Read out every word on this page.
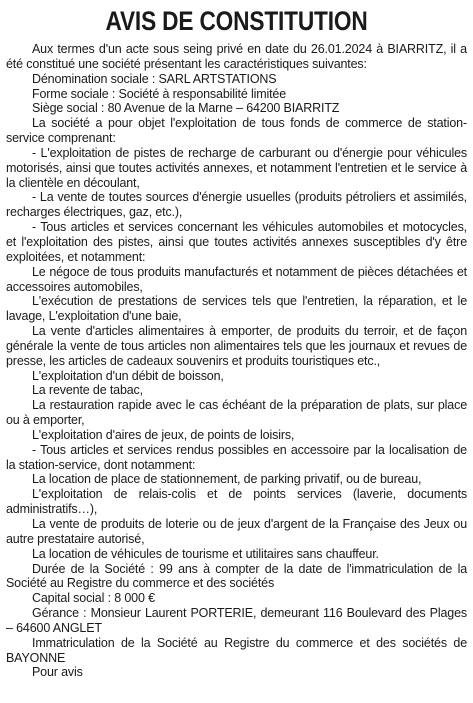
AVIS DE CONSTITUTION

Aux termes d'un acte sous seing privé en date du 26.01.2024 à BIARRITZ, il a été constitué une société présentant les caractéristiques suivantes:

Dénomination sociale : SARL ARTSTATIONS

Forme sociale : Société à responsabilité limitée

Siège social : 80 Avenue de la Marne – 64200 BIARRITZ

La société a pour objet l'exploitation de tous fonds de commerce de station-service comprenant:

- L'exploitation de pistes de recharge de carburant ou d'énergie pour véhicules motorisés, ainsi que toutes activités annexes, et notamment l'entretien et le service à la clientèle en découlant,

- La vente de toutes sources d'énergie usuelles (produits pétroliers et assimilés, recharges électriques, gaz, etc.),

- Tous articles et services concernant les véhicules automobiles et motocycles, et l'exploitation des pistes, ainsi que toutes activités annexes susceptibles d'y être exploitées, et notamment:

Le négoce de tous produits manufacturés et notamment de pièces détachées et accessoires automobiles,

L'exécution de prestations de services tels que l'entretien, la réparation, et le lavage, L'exploitation d'une baie,

La vente d'articles alimentaires à emporter, de produits du terroir, et de façon générale la vente de tous articles non alimentaires tels que les journaux et revues de presse, les articles de cadeaux souvenirs et produits touristiques etc.,

L'exploitation d'un débit de boisson,

La revente de tabac,

La restauration rapide avec le cas échéant de la préparation de plats, sur place ou à emporter,

L'exploitation d'aires de jeux, de points de loisirs,

- Tous articles et services rendus possibles en accessoire par la localisation de la station-service, dont notamment:

La location de place de stationnement, de parking privatif, ou de bureau,

L'exploitation de relais-colis et de points services (laverie, documents administratifs…),

La vente de produits de loterie ou de jeux d'argent de la Française des Jeux ou autre prestataire autorisé,

La location de véhicules de tourisme et utilitaires sans chauffeur.

Durée de la Société : 99 ans à compter de la date de l'immatriculation de la Société au Registre du commerce et des sociétés

Capital social : 8 000 €

Gérance : Monsieur Laurent PORTERIE, demeurant 116 Boulevard des Plages – 64600 ANGLET

Immatriculation de la Société au Registre du commerce et des sociétés de BAYONNE

Pour avis
